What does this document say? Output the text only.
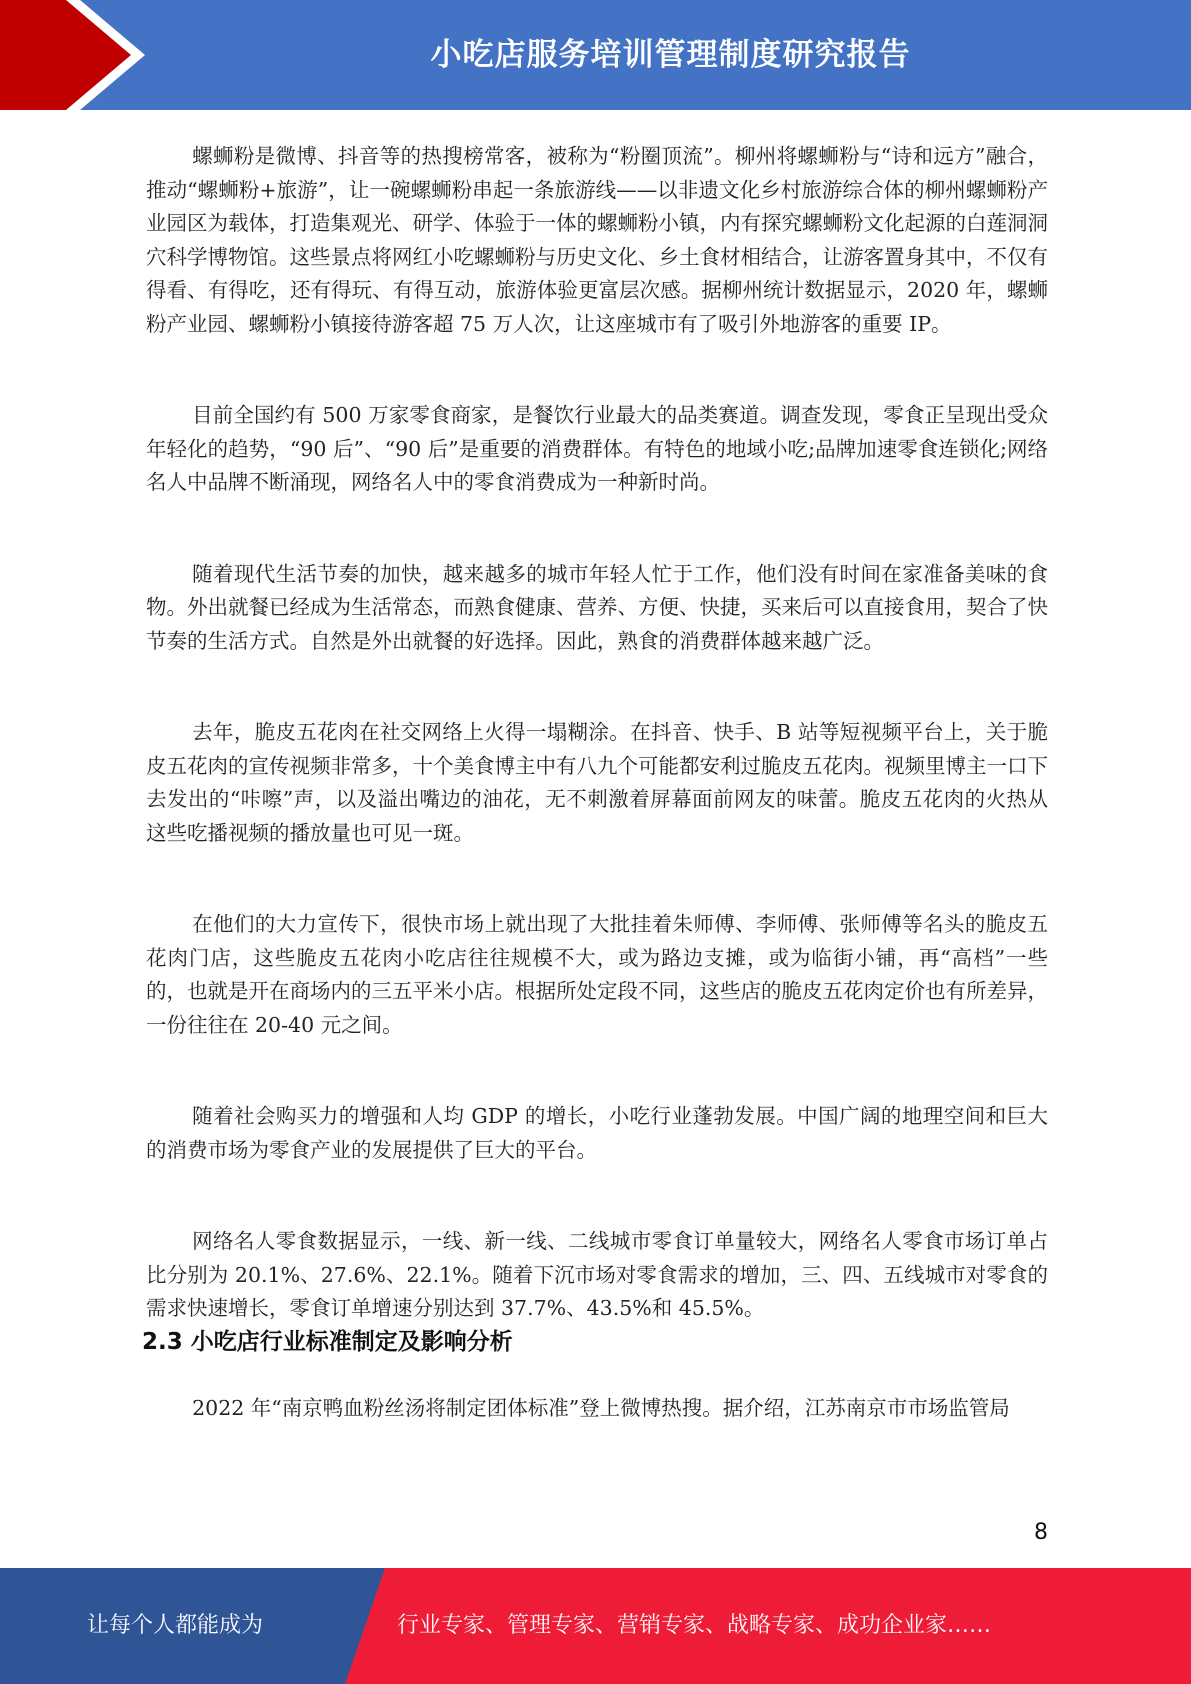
小吃店服务培训管理制度研究报告

螺蛳粉是微博、抖音等的热搜榜常客，被称为“粉圈顶流”。柳州将螺蛳粉与“诗和远方”融合，推动“螺蛳粉+旅游”，让一碗螺蛳粉串起一条旅游线——以非遗文化乡村旅游综合体的柳州螺蛳粉产业园区为载体，打造集观光、研学、体验于一体的螺蛳粉小镇，内有探究螺蛳粉文化起源的白莲洞洞穴科学博物馆。这些景点将网红小吃螺蛳粉与历史文化、乡土食材相结合，让游客置身其中，不仅有得看、有得吃，还有得玩、有得互动，旅游体验更富层次感。据柳州统计数据显示，2020 年，螺蛳粉产业园、螺蛳粉小镇接待游客超 75 万人次，让这座城市有了吸引外地游客的重要 IP。

目前全国约有 500 万家零食商家，是餐饮行业最大的品类赛道。调查发现，零食正呈现出受众年轻化的趋势，“90 后”、“90 后”是重要的消费群体。有特色的地域小吃;品牌加速零食连锁化;网络名人中品牌不断涌现，网络名人中的零食消费成为一种新时尚。

随着现代生活节奏的加快，越来越多的城市年轻人忙于工作，他们没有时间在家准备美味的食物。外出就餐已经成为生活常态，而熟食健康、营养、方便、快捷，买来后可以直接食用，契合了快节奏的生活方式。自然是外出就餐的好选择。因此，熟食的消费群体越来越广泛。

去年，脆皮五花肉在社交网络上火得一塌糊涂。在抖音、快手、B 站等短视频平台上，关于脆皮五花肉的宣传视频非常多，十个美食博主中有八九个可能都安利过脆皮五花肉。视频里博主一口下去发出的“咔嚓”声，以及溢出嘴边的油花，无不刺激着屏幕面前网友的味蕾。脆皮五花肉的火热从这些吃播视频的播放量也可见一斑。

在他们的大力宣传下，很快市场上就出现了大批挂着朱师傅、李师傅、张师傅等名头的脆皮五花肉门店，这些脆皮五花肉小吃店往往规模不大，或为路边支摊，或为临街小铺，再“高档”一些的，也就是开在商场内的三五平米小店。根据所处定段不同，这些店的脆皮五花肉定价也有所差异，一份往往在 20-40 元之间。

随着社会购买力的增强和人均 GDP 的增长，小吃行业蓬勃发展。中国广阔的地理空间和巨大的消费市场为零食产业的发展提供了巨大的平台。

网络名人零食数据显示，一线、新一线、二线城市零食订单量较大，网络名人零食市场订单占比分别为 20.1%、27.6%、22.1%。随着下沉市场对零食需求的增加，三、四、五线城市对零食的需求快速增长，零食订单增速分别达到 37.7%、43.5%和 45.5%。

2.3 小吃店行业标准制定及影响分析

2022 年“南京鸭血粉丝汤将制定团体标准”登上微博热搜。据介绍，江苏南京市市场监管局

8
让每个人都能成为	行业专家、管理专家、营销专家、战略专家、成功企业家……
